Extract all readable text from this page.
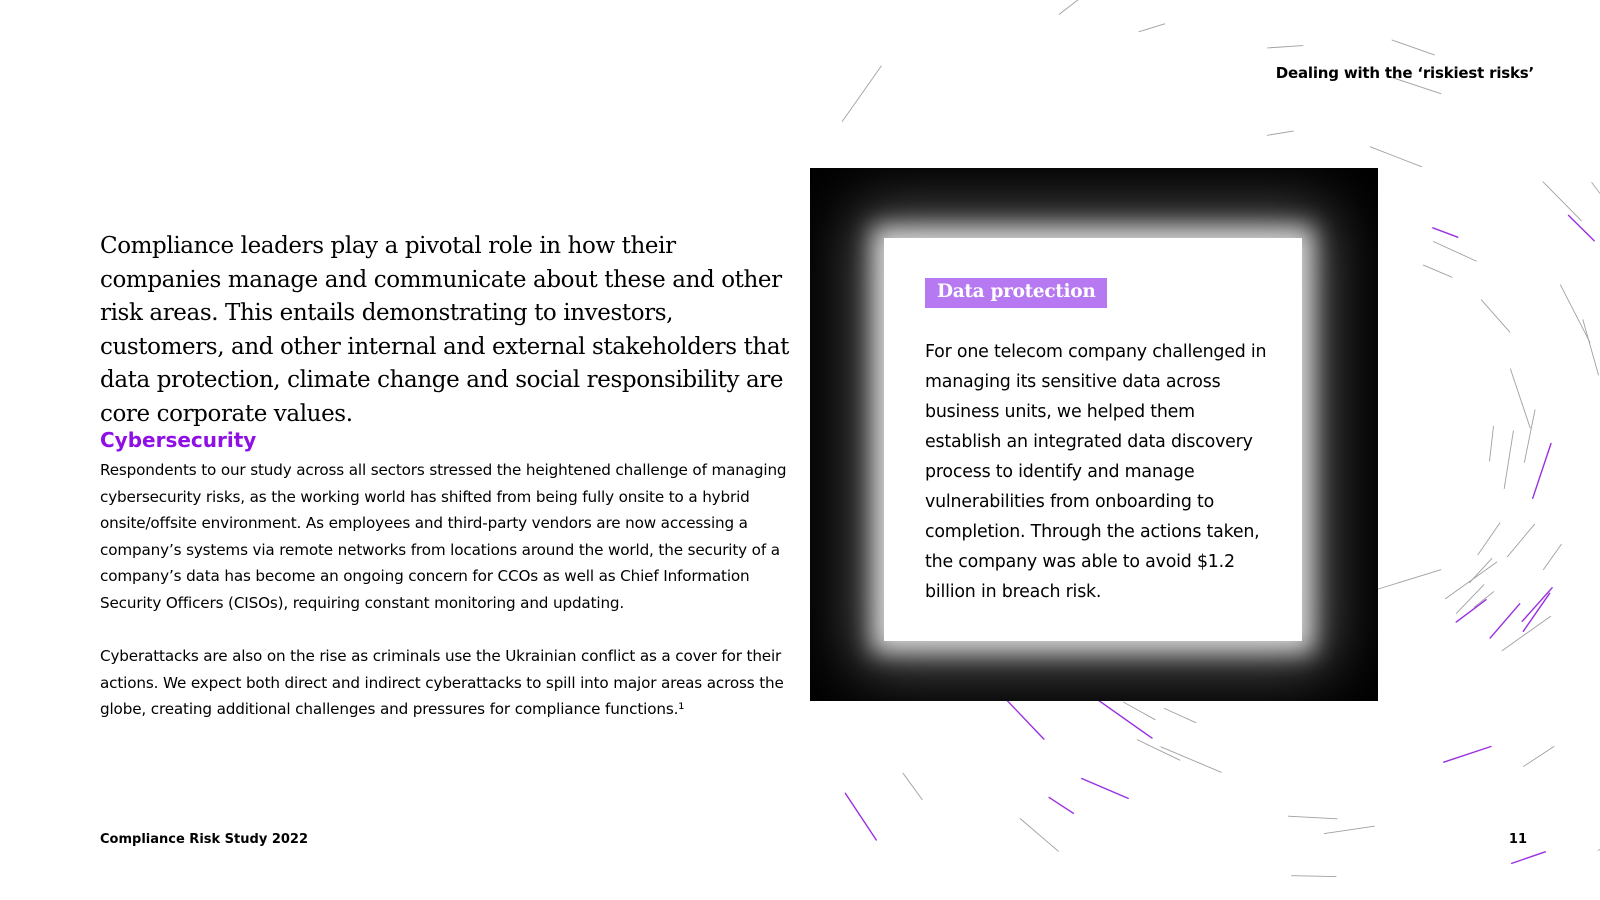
Dealing with the ‘riskiest risks’
Compliance leaders play a pivotal role in how their companies manage and communicate about these and other risk areas. This entails demonstrating to investors, customers, and other internal and external stakeholders that data protection, climate change and social responsibility are core corporate values.
Cybersecurity
Respondents to our study across all sectors stressed the heightened challenge of managing cybersecurity risks, as the working world has shifted from being fully onsite to a hybrid onsite/offsite environment. As employees and third-party vendors are now accessing a company’s systems via remote networks from locations around the world, the security of a company’s data has become an ongoing concern for CCOs as well as Chief Information Security Officers (CISOs), requiring constant monitoring and updating.
Cyberattacks are also on the rise as criminals use the Ukrainian conflict as a cover for their actions. We expect both direct and indirect cyberattacks to spill into major areas across the globe, creating additional challenges and pressures for compliance functions.¹
Data protection
For one telecom company challenged in managing its sensitive data across business units, we helped them establish an integrated data discovery process to identify and manage vulnerabilities from onboarding to completion. Through the actions taken, the company was able to avoid $1.2 billion in breach risk.
Compliance Risk Study 2022	11
